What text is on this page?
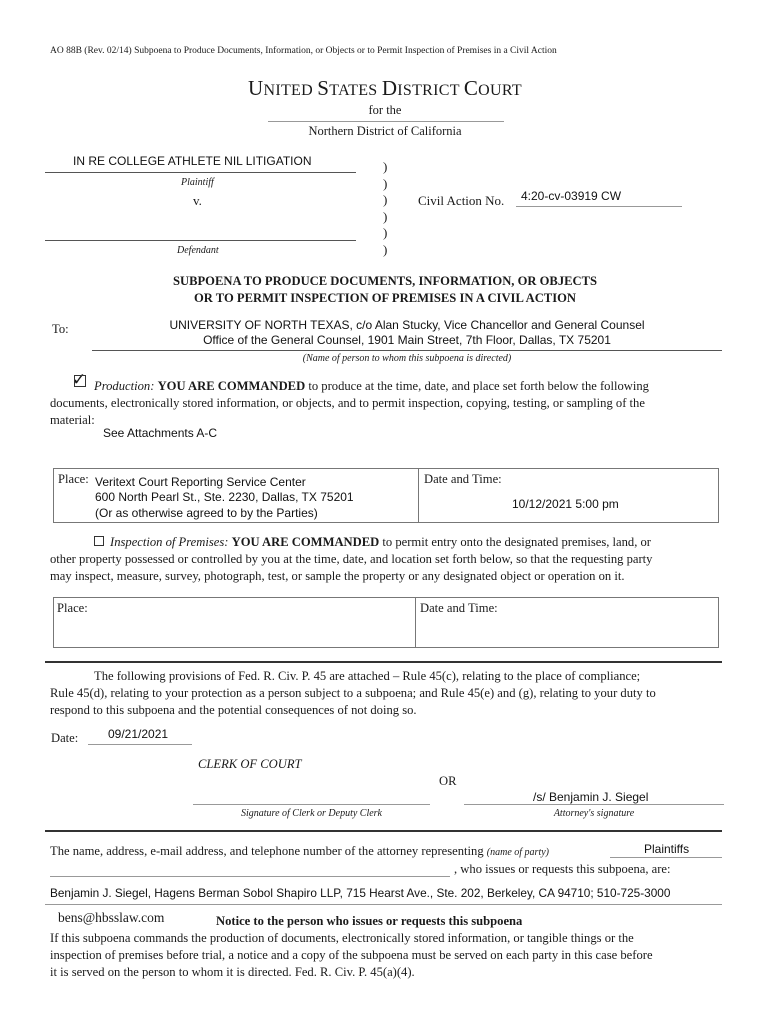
AO 88B (Rev. 02/14) Subpoena to Produce Documents, Information, or Objects or to Permit Inspection of Premises in a Civil Action
UNITED STATES DISTRICT COURT
for the
Northern District of California
IN RE COLLEGE ATHLETE NIL LITIGATION
Plaintiff
v.
Defendant
)
)
)
)
)
)
Civil Action No. 4:20-cv-03919 CW
SUBPOENA TO PRODUCE DOCUMENTS, INFORMATION, OR OBJECTS
OR TO PERMIT INSPECTION OF PREMISES IN A CIVIL ACTION
To:	UNIVERSITY OF NORTH TEXAS, c/o Alan Stucky, Vice Chancellor and General Counsel
Office of the General Counsel, 1901 Main Street, 7th Floor, Dallas, TX 75201
(Name of person to whom this subpoena is directed)
✓ Production: YOU ARE COMMANDED to produce at the time, date, and place set forth below the following
documents, electronically stored information, or objects, and to permit inspection, copying, testing, or sampling of the
material:
See Attachments A-C
Place: Veritext Court Reporting Service Center
600 North Pearl St., Ste. 2230, Dallas, TX 75201
(Or as otherwise agreed to by the Parties)
Date and Time:
10/12/2021 5:00 pm
Inspection of Premises: YOU ARE COMMANDED to permit entry onto the designated premises, land, or
other property possessed or controlled by you at the time, date, and location set forth below, so that the requesting party
may inspect, measure, survey, photograph, test, or sample the property or any designated object or operation on it.
Place:	Date and Time:
The following provisions of Fed. R. Civ. P. 45 are attached – Rule 45(c), relating to the place of compliance;
Rule 45(d), relating to your protection as a person subject to a subpoena; and Rule 45(e) and (g), relating to your duty to
respond to this subpoena and the potential consequences of not doing so.
Date: 09/21/2021
CLERK OF COURT
OR
Signature of Clerk or Deputy Clerk
/s/ Benjamin J. Siegel
Attorney's signature
The name, address, e-mail address, and telephone number of the attorney representing (name of party)	Plaintiffs
, who issues or requests this subpoena, are:
Benjamin J. Siegel, Hagens Berman Sobol Shapiro LLP, 715 Hearst Ave., Ste. 202, Berkeley, CA 94710; 510-725-3000
bens@hbsslaw.com	Notice to the person who issues or requests this subpoena
If this subpoena commands the production of documents, electronically stored information, or tangible things or the
inspection of premises before trial, a notice and a copy of the subpoena must be served on each party in this case before
it is served on the person to whom it is directed. Fed. R. Civ. P. 45(a)(4).
